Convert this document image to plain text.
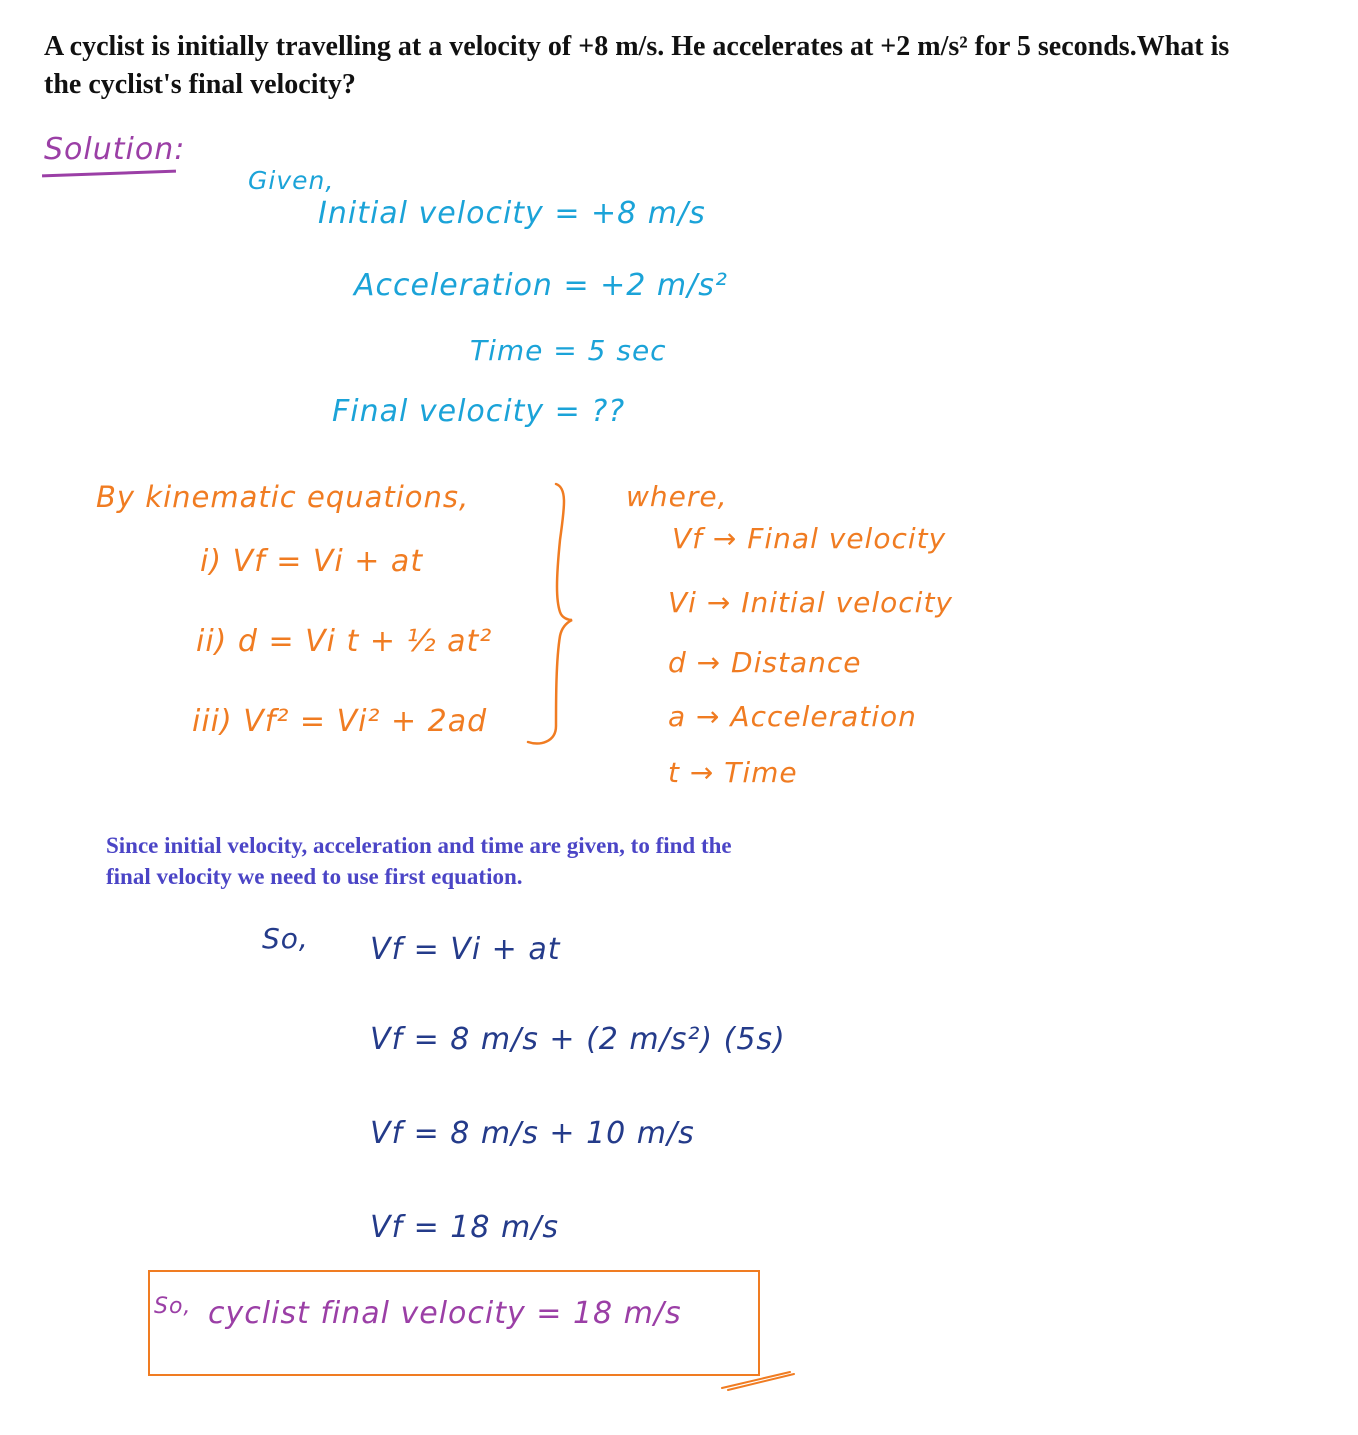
A cyclist is initially travelling at a velocity of +8 m/s. He accelerates at +2 m/s² for 5 seconds.What is the cyclist's final velocity?
Solution:
Given,
Initial velocity = +8 m/s
Acceleration = +2 m/s²
Time = 5 sec
Final velocity = ??
By kinematic equations,
i) Vf = Vi + at
ii) d = Vi t + ½ at²
iii) Vf² = Vi² + 2ad
where,
Vf → Final velocity
Vi → Initial velocity
d → Distance
a → Acceleration
t → Time
Since initial velocity, acceleration and time are given, to find the final velocity we need to use first equation.
So, Vf = Vi + at
Vf = 8 m/s + (2 m/s²) (5s)
Vf = 8 m/s + 10 m/s
Vf = 18 m/s
So, cyclist final velocity = 18 m/s
